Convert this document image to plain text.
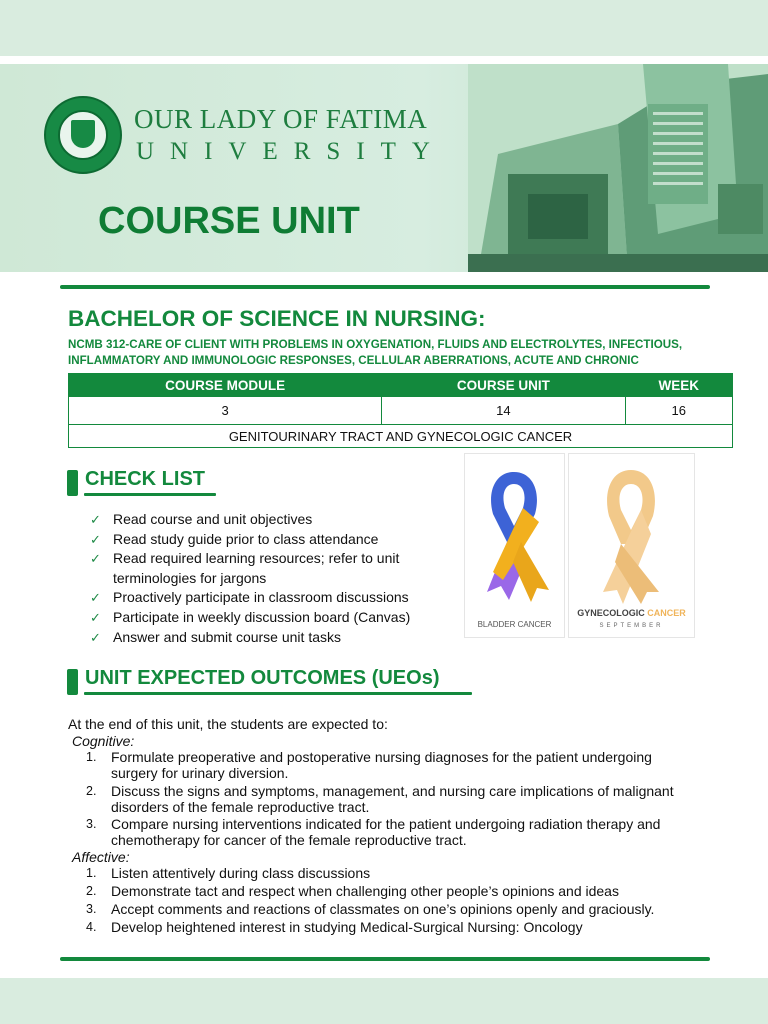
OUR LADY OF FATIMA
UNIVERSITY
COURSE UNIT
BACHELOR OF SCIENCE IN NURSING:
NCMB 312-CARE OF CLIENT WITH PROBLEMS IN OXYGENATION, FLUIDS AND ELECTROLYTES, INFECTIOUS, INFLAMMATORY AND IMMUNOLOGIC RESPONSES, CELLULAR ABERRATIONS, ACUTE AND CHRONIC
COURSE MODULE	COURSE UNIT	WEEK
3	14	16
GENITOURINARY TRACT AND GYNECOLOGIC CANCER		
CHECK LIST
✓ Read course and unit objectives
✓ Read study guide prior to class attendance
✓ Read required learning resources; refer to unit terminologies for jargons
✓ Proactively participate in classroom discussions
✓ Participate in weekly discussion board (Canvas)
✓ Answer and submit course unit tasks
BLADDER CANCER
GYNECOLOGIC CANCER
SEPTEMBER
UNIT EXPECTED OUTCOMES (UEOs)
At the end of this unit, the students are expected to:
Cognitive:
1. Formulate preoperative and postoperative nursing diagnoses for the patient undergoing surgery for urinary diversion.
2. Discuss the signs and symptoms, management, and nursing care implications of malignant disorders of the female reproductive tract.
3. Compare nursing interventions indicated for the patient undergoing radiation therapy and chemotherapy for cancer of the female reproductive tract.
Affective:
1. Listen attentively during class discussions
2. Demonstrate tact and respect when challenging other people’s opinions and ideas
3. Accept comments and reactions of classmates on one’s opinions openly and graciously.
4. Develop heightened interest in studying Medical-Surgical Nursing: Oncology
